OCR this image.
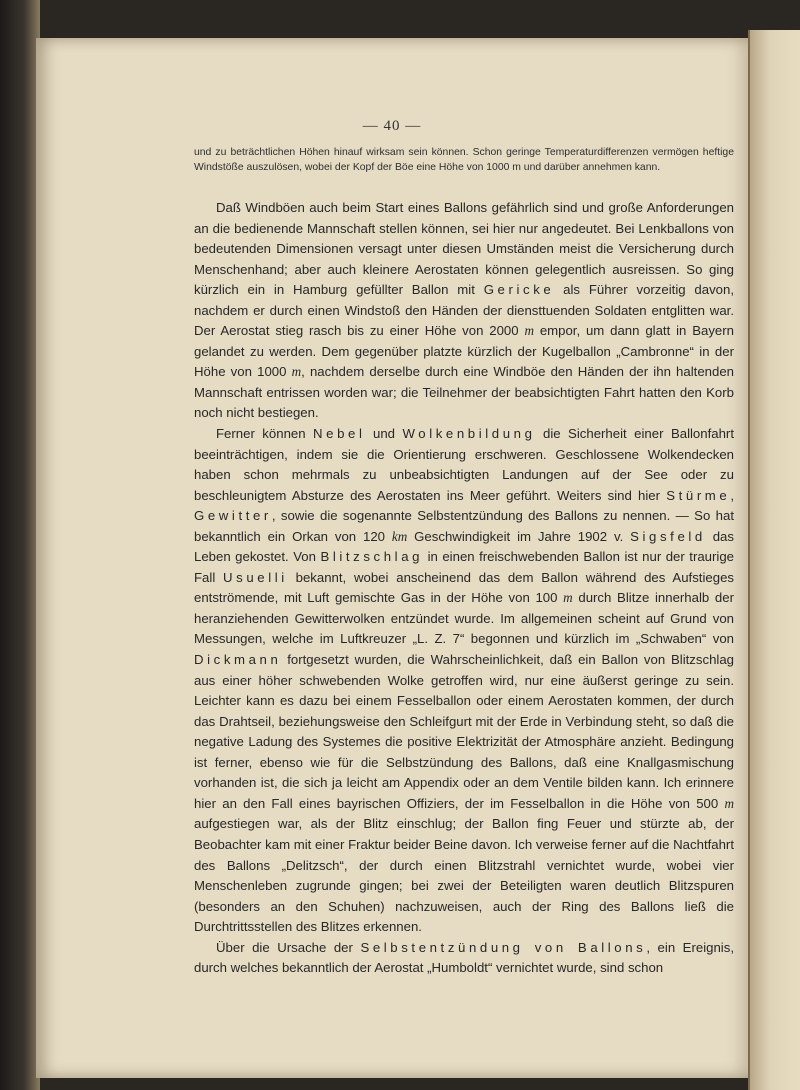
— 40 —
und zu beträchtlichen Höhen hinauf wirksam sein können. Schon geringe Temperaturdifferenzen vermögen heftige Windstöße auszulösen, wobei der Kopf der Böe eine Höhe von 1000 m und darüber annehmen kann.

Daß Windböen auch beim Start eines Ballons gefährlich sind und große Anforderungen an die bedienende Mannschaft stellen können, sei hier nur angedeutet. Bei Lenkballons von bedeutenden Dimensionen versagt unter diesen Umständen meist die Versicherung durch Menschenhand; aber auch kleinere Aerostaten können gelegentlich ausreissen. So ging kürzlich ein in Hamburg gefüllter Ballon mit Gericke als Führer vorzeitig davon, nachdem er durch einen Windstoß den Händen der diensttuenden Soldaten entglitten war. Der Aerostat stieg rasch bis zu einer Höhe von 2000 m empor, um dann glatt in Bayern gelandet zu werden. Dem gegenüber platzte kürzlich der Kugelballon „Cambronne“ in der Höhe von 1000 m, nachdem derselbe durch eine Windböe den Händen der ihn haltenden Mannschaft entrissen worden war; die Teilnehmer der beabsichtigten Fahrt hatten den Korb noch nicht bestiegen.

Ferner können Nebel und Wolkenbildung die Sicherheit einer Ballonfahrt beeinträchtigen, indem sie die Orientierung erschweren. Geschlossene Wolkendecken haben schon mehrmals zu unbeabsichtigten Landungen auf der See oder zu beschleunigtem Absturze des Aerostaten ins Meer geführt. Weiters sind hier Stürme, Gewitter, sowie die sogenannte Selbstentzündung des Ballons zu nennen. — So hat bekanntlich ein Orkan von 120 km Geschwindigkeit im Jahre 1902 v. Sigsfeld das Leben gekostet. Von Blitzschlag in einen freischwebenden Ballon ist nur der traurige Fall Usuelli bekannt, wobei anscheinend das dem Ballon während des Aufstieges entströmende, mit Luft gemischte Gas in der Höhe von 100 m durch Blitze innerhalb der heranziehenden Gewitterwolken entzündet wurde. Im allgemeinen scheint auf Grund von Messungen, welche im Luftkreuzer „L. Z. 7“ begonnen und kürzlich im „Schwaben“ von Dickmann fortgesetzt wurden, die Wahrscheinlichkeit, daß ein Ballon von Blitzschlag aus einer höher schwebenden Wolke getroffen wird, nur eine äußerst geringe zu sein. Leichter kann es dazu bei einem Fesselballon oder einem Aerostaten kommen, der durch das Drahtseil, beziehungsweise den Schleifgurt mit der Erde in Verbindung steht, so daß die negative Ladung des Systemes die positive Elektrizität der Atmosphäre anzieht. Bedingung ist ferner, ebenso wie für die Selbstzündung des Ballons, daß eine Knallgasmischung vorhanden ist, die sich ja leicht am Appendix oder an dem Ventile bilden kann. Ich erinnere hier an den Fall eines bayrischen Offiziers, der im Fesselballon in die Höhe von 500 m aufgestiegen war, als der Blitz einschlug; der Ballon fing Feuer und stürzte ab, der Beobachter kam mit einer Fraktur beider Beine davon. Ich verweise ferner auf die Nachtfahrt des Ballons „Delitzsch“, der durch einen Blitzstrahl vernichtet wurde, wobei vier Menschenleben zugrunde gingen; bei zwei der Beteiligten waren deutlich Blitzspuren (besonders an den Schuhen) nachzuweisen, auch der Ring des Ballons ließ die Durchtrittsstellen des Blitzes erkennen.

Über die Ursache der Selbstentzündung von Ballons, ein Ereignis, durch welches bekanntlich der Aerostat „Humboldt“ vernichtet wurde, sind schon
